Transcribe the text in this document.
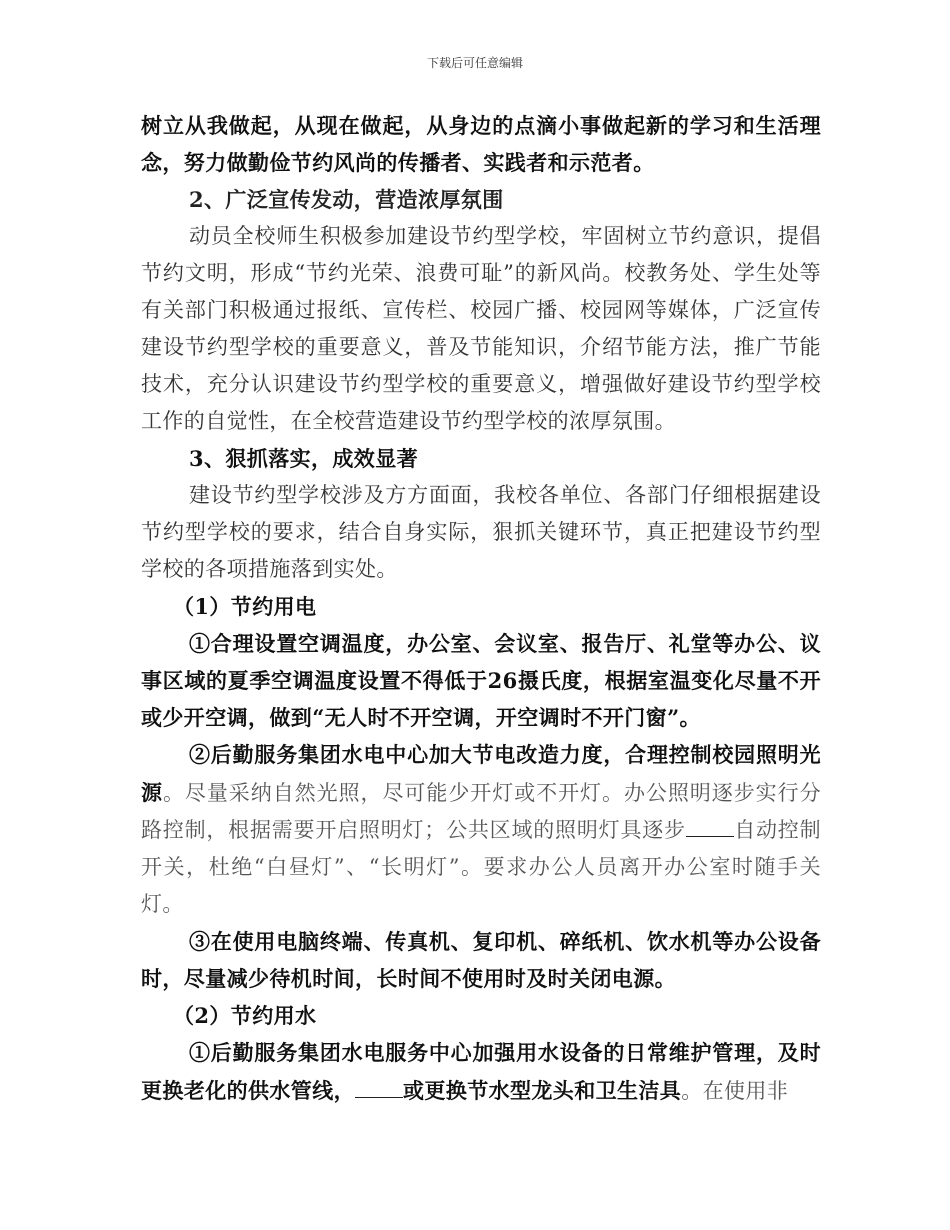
下载后可任意编辑

树立从我做起，从现在做起，从身边的点滴小事做起新的学习和生活理念，努力做勤俭节约风尚的传播者、实践者和示范者。

2、广泛宣传发动，营造浓厚氛围

动员全校师生积极参加建设节约型学校，牢固树立节约意识，提倡节约文明，形成“节约光荣、浪费可耻”的新风尚。校教务处、学生处等有关部门积极通过报纸、宣传栏、校园广播、校园网等媒体，广泛宣传建设节约型学校的重要意义，普及节能知识，介绍节能方法，推广节能技术，充分认识建设节约型学校的重要意义，增强做好建设节约型学校工作的自觉性，在全校营造建设节约型学校的浓厚氛围。

3、狠抓落实，成效显著

建设节约型学校涉及方方面面，我校各单位、各部门仔细根据建设节约型学校的要求，结合自身实际，狠抓关键环节，真正把建设节约型学校的各项措施落到实处。

（1）节约用电

①合理设置空调温度，办公室、会议室、报告厅、礼堂等办公、议事区域的夏季空调温度设置不得低于26摄氏度，根据室温变化尽量不开或少开空调，做到“无人时不开空调，开空调时不开门窗”。

②后勤服务集团水电中心加大节电改造力度，合理控制校园照明光源。尽量采纳自然光照，尽可能少开灯或不开灯。办公照明逐步实行分路控制，根据需要开启照明灯；公共区域的照明灯具逐步 自动控制开关，杜绝“白昼灯”、“长明灯”。要求办公人员离开办公室时随手关灯。

③在使用电脑终端、传真机、复印机、碎纸机、饮水机等办公设备时，尽量减少待机时间，长时间不使用时及时关闭电源。

（2）节约用水

①后勤服务集团水电服务中心加强用水设备的日常维护管理，及时更换老化的供水管线， 或更换节水型龙头和卫生洁具。在使用非
